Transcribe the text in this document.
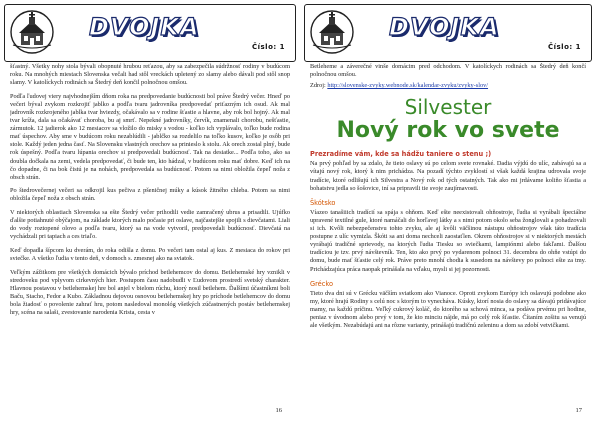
DVOJKA
Číslo: 1

šťastný. Všetky nohy stola bývali obopnuté hrubou reťazou, aby sa zabezpečila súdržnosť rodiny v budúcom roku. Na mnohých miestach Slovenska večali had stôl vreckách upletený zo slamy alebo dávali pod stôl snop slamy. V katolíckych rodinách sa Štedrý deň končil polnočnou omšou.

Podľa ľudovej viery najvhodnejším dňom roka na predpovedanie budúcnosti bol práve Štedrý večer. Hneď po večeri býval zvykom rozkrojiť jablko a podľa tvaru jadrovníka predpovedať priťazným ich osud. Ak mal jadrovník rozkrojeného jablka tvar hviezdy, očakávalo sa v rodine šťastie a hlavne, aby rok bol hojný. Ak mal tvar kríža, dala sa očakávať choroba, bu aj smrť. Nepekné jadrovníky, červík, znamenali chorobu, nešťastie, zármutok. 12 jadierok ako 12 mesiacov sa vložilo do misky s vodou - koľko ich vyplávalo, toľko bude rodina mať úspechov. Aby sme v budúcom roku nezablúdili - jablčko sa rozdelilo na toľko kusov, koľko je osôb pri stole. Každý jeden jedna časť. Na Slovensku vlastných orechov sa prinieslo k stolu. Ak orech zostal plný, bude rok úspešný. Podľa tvaru lúpania orechov si predpovedali budúcnosť. Tak na desiatke... Podľa toho, ako sa doubla dočkala na zemi, vedela predpovedať, či bude ten, kto hádzal, v budúcom roku mať dobre. Keď ich na čo dopadne, či na bok čistú je na nohách, predpovedala sa budúcnosť. Potom sa nimi obložila čepeľ noža z obsch strán.

Po štedrovečernej večeri sa odkrojil kus pečiva z pšeničnej múky a kúsok žitného chleba. Potom sa nimi obložila čepeľ noža z obsch strán.

V niektorých oblastiach Slovenska sa ešte Štedrý večer prihodili vedie zamračený ubrus a prisadili. Ujúfko ďalšie potiahnuté obýčajom, na základe ktorých malo počasie pri oslave, najčastejšie spojili s dievčatami. Liali do vody roztopené olovo a podľa tvaru, ktorý sa na vode vytvoril, predpovedali budúcnosť. Dievčatá na vychádzali pri tapiach a ces triaľo.

Keď dopadla šípcom ku dverám, do roka odišla z domu. Po večeri tam ostal aj kus. Z mesiaca do rokov pri sviečke. A všetko ľudia v tento deň, v domoch s. zmesnej ako na sviatok.

Veľkým zážitkom pre všetkých domácich bývalo príchod betlehemcov do domu. Betlehemské hry vznikli v stredoveku pod vplyvom cirkevných hier. Postupom času nadobudli v Ľudovom prostredí svetský charakter. Hlavnou postavou v betlehemskej hre bol anjel v bielom rúchu, ktorý nosil betlehem. Ďalšími účastníkmi boli Baču, Stacho, Fedor a Kubo. Základnou dejovou osnovou betlehemskej hry po príchode betlehemcov do domu bola žiadosť o povolenie zahrať hru, potom nasledoval monológ všetkých zúčastnených postáv betlehemskej hry, scéna na salaši, zvestovanie narodenia Krista, cesta v

16
DVOJKA
Číslo: 1

Betleheme a záverečné vinše domácim pred odchodom. V katolíckych rodinách sa Štedrý deň končí polnočnou omšou.

Zdroj: http://slovenske-zvyky.webnode.sk/kalendar-zvyku/zvyky-slov/

Silvester
Nový rok vo svete
Prezradíme vám, kde sa hádžu taniere o stenu ;)

Na prvý pohľad by sa zdalo, že tieto oslavy sú po celom svete rovnaké. Dadia výjdú do ulíc, zabávajú sa a vítajú nový rok, ktorý k nim prichádza. Na pozadí týchto zvyklostí si však každá krajina udrovala svoje tradície, ktoré odlišujú ich Silvestra a Nový rok od tých ostatných. Tak ako mi jrdávame koliňo šťastia a bohatstvu jedla so šošovice, iní sa pripravili tie svoje zaujímavosti.

Škótsko

Víazeo tanašiiich tradícií sa spája s ohňom. Keď ešte neexistovali ohňostroje, ľudia si vyrábali špeciálne upravené textilné gule, ktoré namáčali do horľavej látky a s nimi potom okolo seba žonglovali a pohadzovali si ich. Kvôli nebezpečenstvu tohto zvyku, ale aj kvôli väčšinou nástupu ohňostrojov však táto tradícia postupne z ulíc vymizla. Škóti sa ani doma nechceli zaostaťlen. Okrem ohňostrojov si v niektorých mestách vyrábajú tradičné sprievody, na ktorých ľudia Tiesku so sviečkami, lampiónmi alebo fakľami. Ďalšou tradíciou je tzv. prvý návštevník. Ten, kto ako prvý po vydarenom polnoci 31. decembra do ohňe vstúpi do domu, bude mať šťastie celý rok. Práve preto mnohí chodia k susedom na návštevy po polnoci ešte za tmy. Prichádzajúca práca naopak prinášala na vďaku, mysli si jej pozornosti.

Grécko

Tieto dva dni sú v Grécku väčším sviatkom ako Vianoce. Oproti zvykom Európy ich oslavujú podobne ako my, ktoré hrajú Rodiny s celú noc s ktorým to vynecháva. Kúsky, ktorí nosia do oslavy sa dávajú pridávajúce mamy, na každú príčinu. Veľký cukrový koláč, do ktorého sa schová minca, sa podáva prvému pri hodine, peniaz v úvodnom alebo prvý v tom, že kto minciu nájde, má po celý rok šťastie. Čítaním zošitu sa venujú ale všetkým. Nezabúdajú ani na rôzne varianty, prinášajú tradičnú zeleninu a dom sa zdobí vetvičkami.

17
